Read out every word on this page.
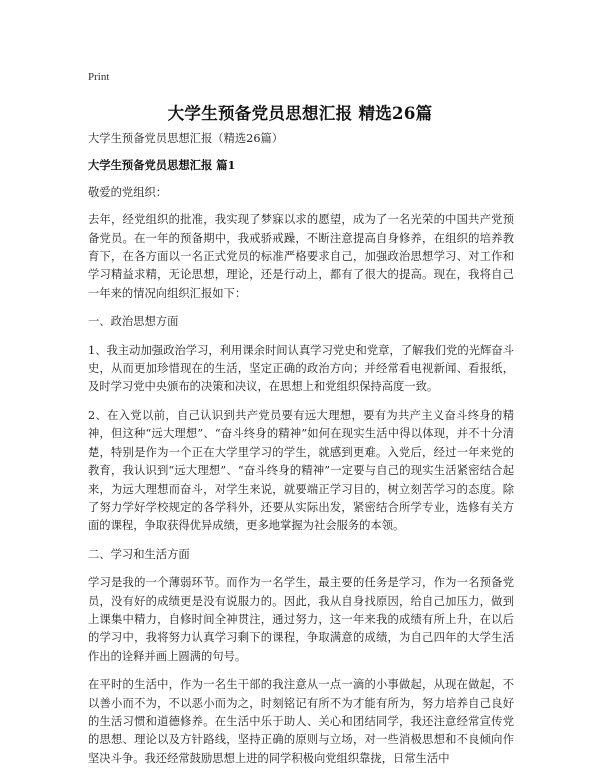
Print
大学生预备党员思想汇报 精选26篇

大学生预备党员思想汇报（精选26篇）

大学生预备党员思想汇报 篇1

敬爱的党组织：

去年，经党组织的批准，我实现了梦寐以求的愿望，成为了一名光荣的中国共产党预备党员。在一年的预备期中，我戒骄戒躁，不断注意提高自身修养，在组织的培养教育下，在各方面以一名正式党员的标准严格要求自己，加强政治思想学习、对工作和学习精益求精，无论思想，理论，还是行动上，都有了很大的提高。现在，我将自己一年来的情况向组织汇报如下：

一、政治思想方面

1、我主动加强政治学习，利用课余时间认真学习党史和党章，了解我们党的光辉奋斗史，从而更加珍惜现在的生活，坚定正确的政治方向；并经常看电视新闻、看报纸，及时学习党中央颁布的决策和决议，在思想上和党组织保持高度一致。

2、在入党以前，自己认识到共产党员要有远大理想，要有为共产主义奋斗终身的精神，但这种“远大理想”、“奋斗终身的精神”如何在现实生活中得以体现，并不十分清楚，特别是作为一个正在大学里学习的学生，就感到更难。入党后，经过一年来党的教育，我认识到“远大理想”、“奋斗终身的精神”一定要与自己的现实生活紧密结合起来，为远大理想而奋斗，对学生来说，就要端正学习目的，树立刻苦学习的态度。除了努力学好学校规定的各学科外，还要从实际出发，紧密结合所学专业，选修有关方面的课程，争取获得优异成绩，更多地掌握为社会服务的本领。

二、学习和生活方面

学习是我的一个薄弱环节。而作为一名学生，最主要的任务是学习，作为一名预备党员，没有好的成绩更是没有说服力的。因此，我从自身找原因，给自己加压力，做到上课集中精力，自修时间全神贯注，通过努力，这一年来我的成绩有所上升，在以后的学习中，我将努力认真学习剩下的课程，争取满意的成绩，为自己四年的大学生活作出的诠释并画上圆满的句号。

在平时的生活中，作为一名生干部的我注意从一点一滴的小事做起，从现在做起，不以善小而不为，不以恶小而为之，时刻铭记有所不为才能有所为，努力培养自己良好的生活习惯和道德修养。在生活中乐于助人、关心和团结同学，我还注意经常宣传党的思想、理论以及方针路线，坚持正确的原则与立场，对一些消极思想和不良倾向作坚决斗争。我还经常鼓励思想上进的同学积极向党组织靠拢，日常生活中
